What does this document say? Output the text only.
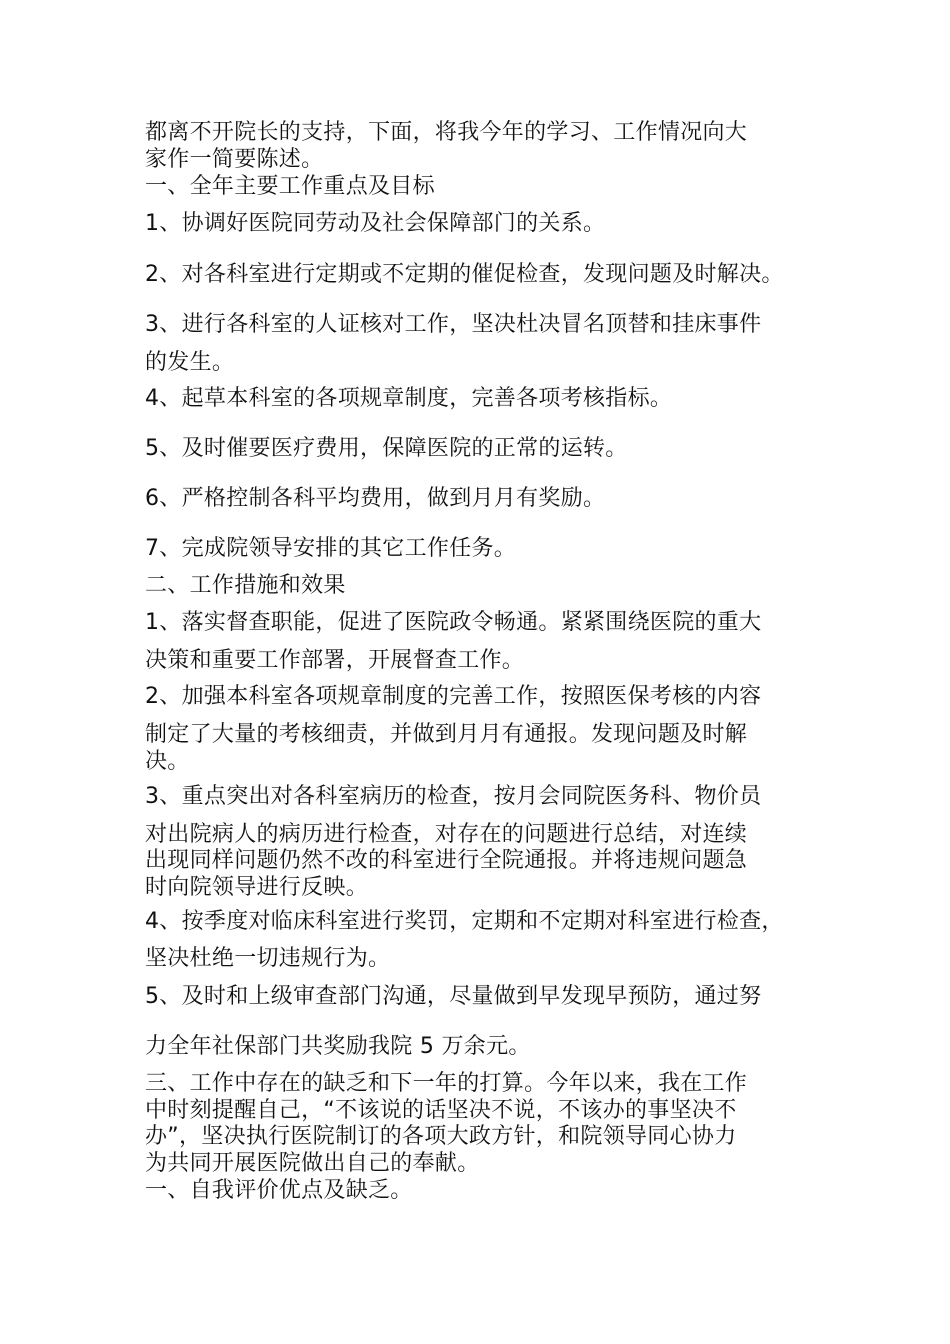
都离不开院长的支持，下面，将我今年的学习、工作情况向大
家作一简要陈述。
一、全年主要工作重点及目标
1、协调好医院同劳动及社会保障部门的关系。
2、对各科室进行定期或不定期的催促检查，发现问题及时解决。
3、进行各科室的人证核对工作，坚决杜决冒名顶替和挂床事件
的发生。
4、起草本科室的各项规章制度，完善各项考核指标。
5、及时催要医疗费用，保障医院的正常的运转。
6、严格控制各科平均费用，做到月月有奖励。
7、完成院领导安排的其它工作任务。
二、工作措施和效果
1、落实督查职能，促进了医院政令畅通。紧紧围绕医院的重大
决策和重要工作部署，开展督查工作。
2、加强本科室各项规章制度的完善工作，按照医保考核的内容
制定了大量的考核细责，并做到月月有通报。发现问题及时解
决。
3、重点突出对各科室病历的检查，按月会同院医务科、物价员
对出院病人的病历进行检查，对存在的问题进行总结，对连续
出现同样问题仍然不改的科室进行全院通报。并将违规问题急
时向院领导进行反映。
4、按季度对临床科室进行奖罚，定期和不定期对科室进行检查，
坚决杜绝一切违规行为。
5、及时和上级审查部门沟通，尽量做到早发现早预防，通过努
力全年社保部门共奖励我院 5 万余元。
三、工作中存在的缺乏和下一年的打算。今年以来，我在工作
中时刻提醒自己，“不该说的话坚决不说，不该办的事坚决不
办”，坚决执行医院制订的各项大政方针，和院领导同心协力
为共同开展医院做出自己的奉献。
一、自我评价优点及缺乏。
